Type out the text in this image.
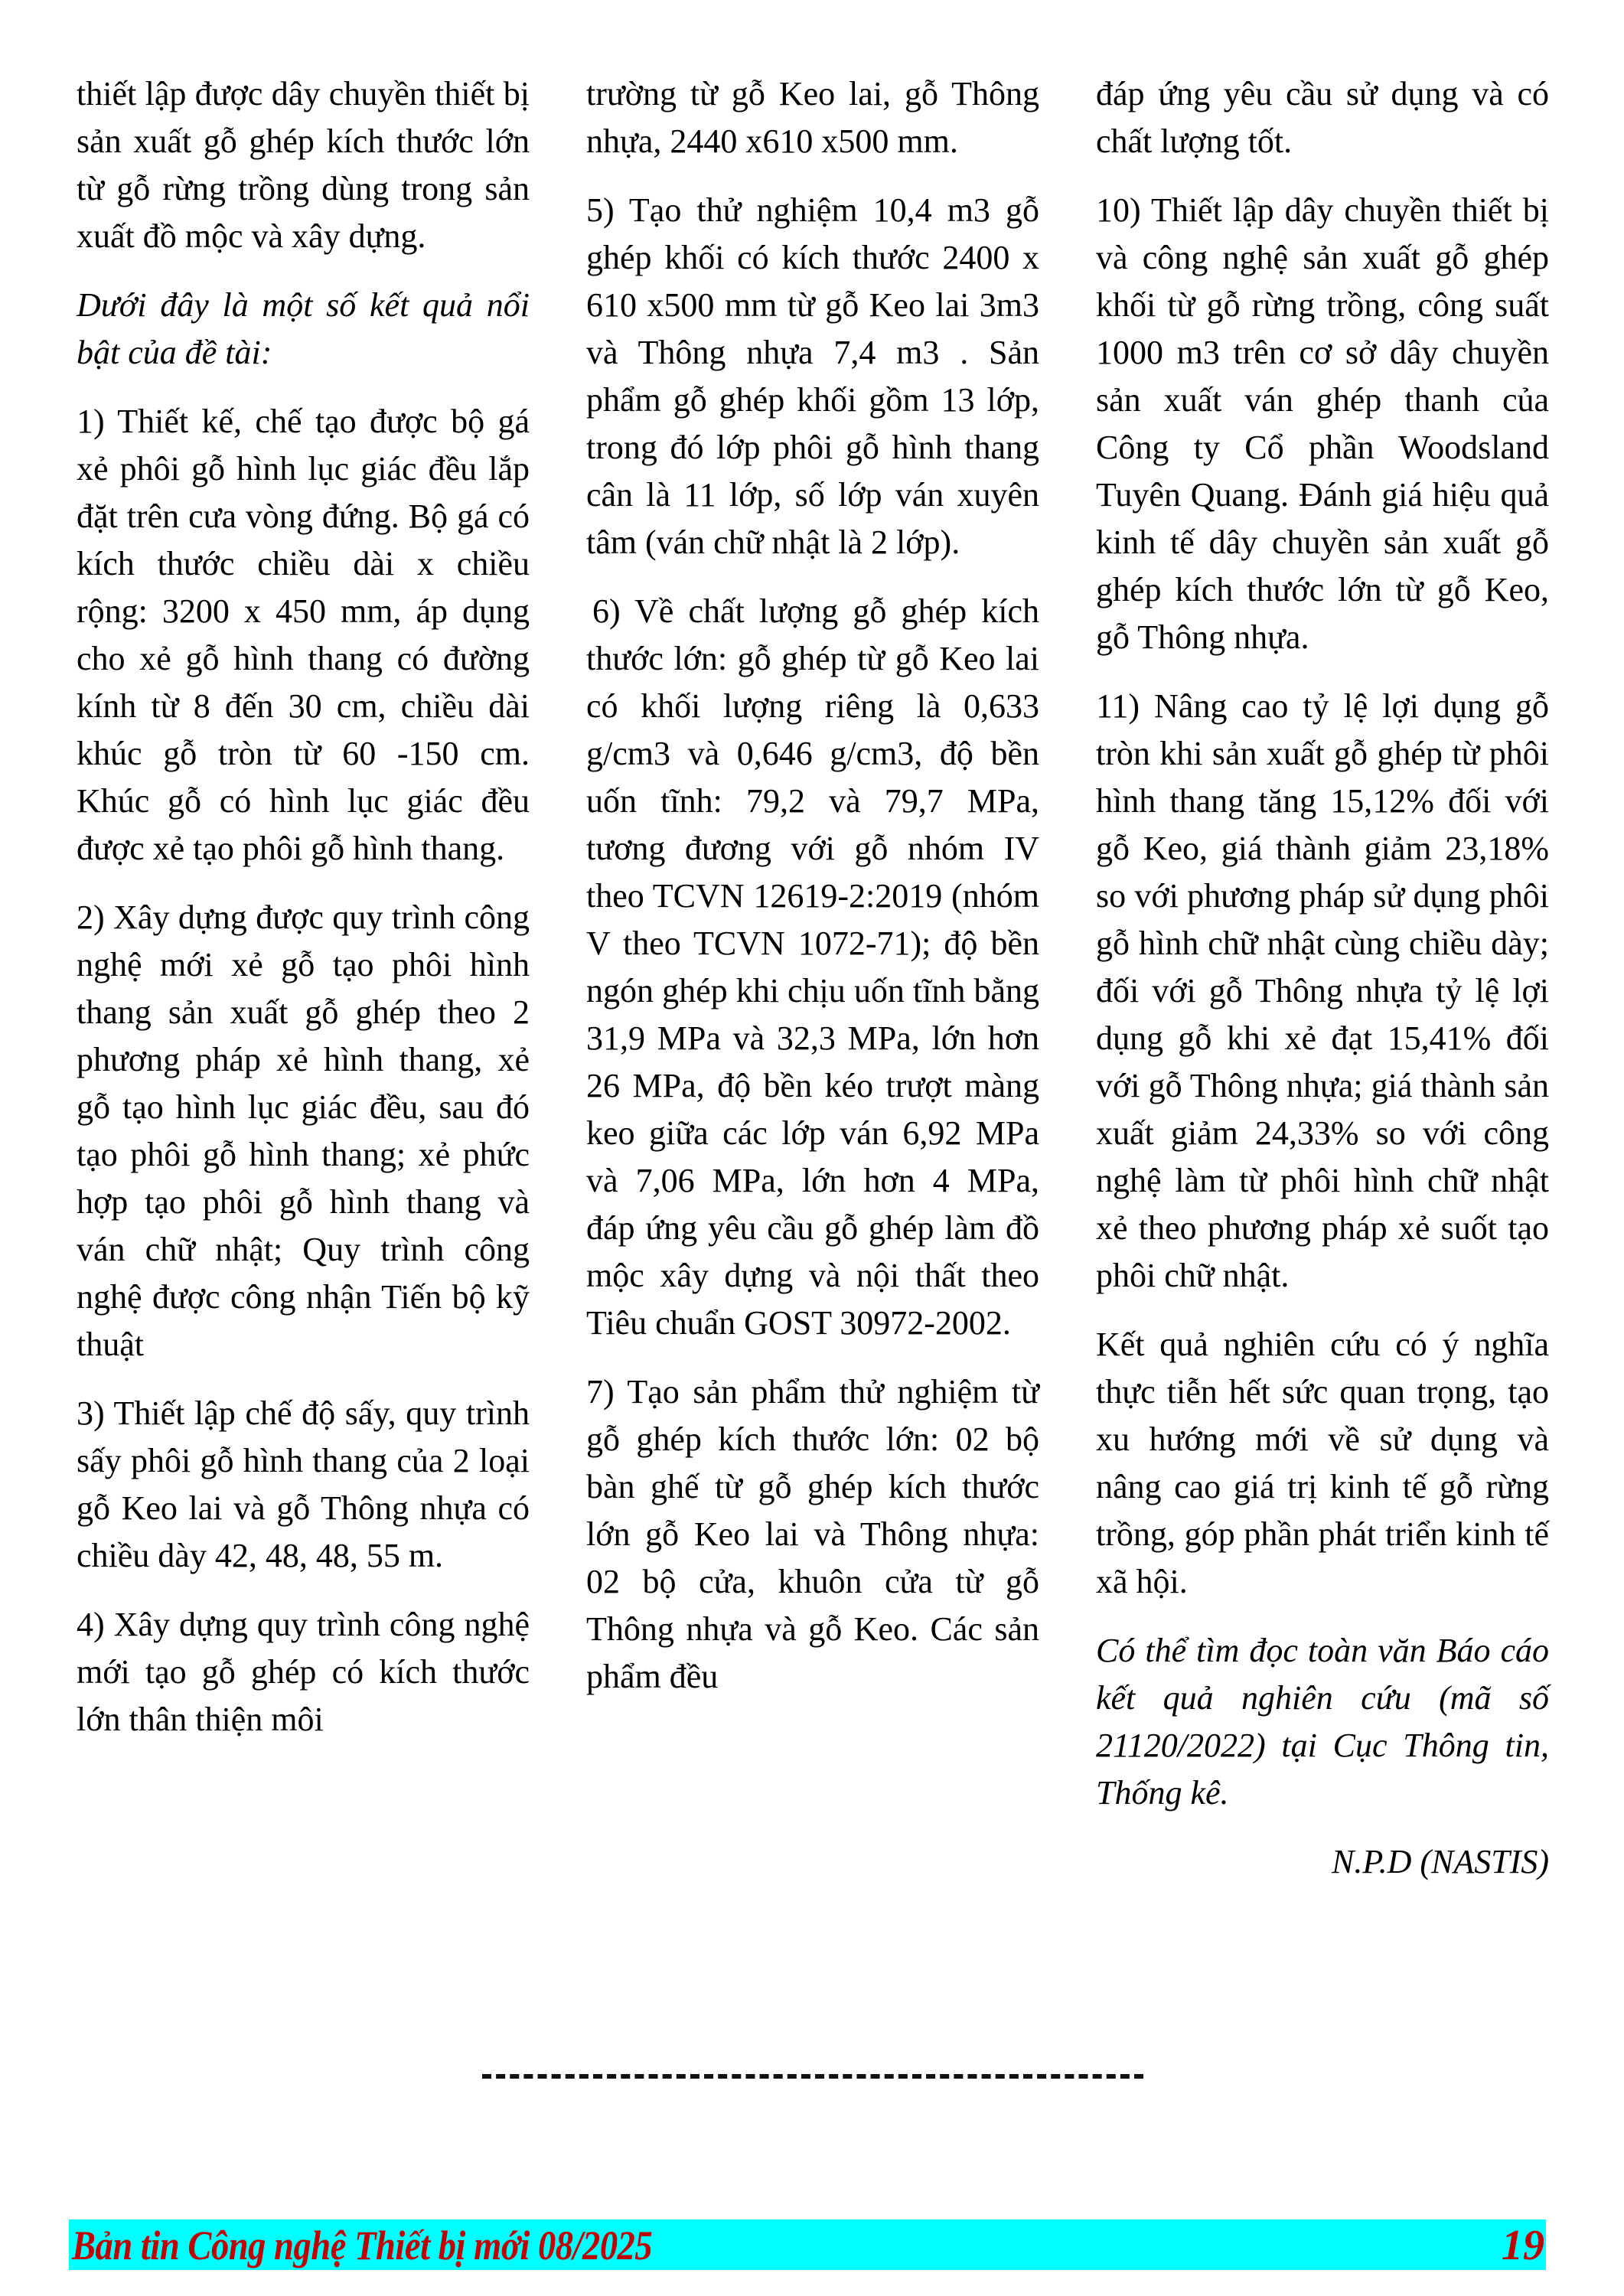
thiết lập được dây chuyền thiết bị sản xuất gỗ ghép kích thước lớn từ gỗ rừng trồng dùng trong sản xuất đồ mộc và xây dựng.

Dưới đây là một số kết quả nổi bật của đề tài:

1) Thiết kế, chế tạo được bộ gá xẻ phôi gỗ hình lục giác đều lắp đặt trên cưa vòng đứng. Bộ gá có kích thước chiều dài x chiều rộng: 3200 x 450 mm, áp dụng cho xẻ gỗ hình thang có đường kính từ 8 đến 30 cm, chiều dài khúc gỗ tròn từ 60 -150 cm. Khúc gỗ có hình lục giác đều được xẻ tạo phôi gỗ hình thang.

2) Xây dựng được quy trình công nghệ mới xẻ gỗ tạo phôi hình thang sản xuất gỗ ghép theo 2 phương pháp xẻ hình thang, xẻ gỗ tạo hình lục giác đều, sau đó tạo phôi gỗ hình thang; xẻ phức hợp tạo phôi gỗ hình thang và ván chữ nhật; Quy trình công nghệ được công nhận Tiến bộ kỹ thuật

3) Thiết lập chế độ sấy, quy trình sấy phôi gỗ hình thang của 2 loại gỗ Keo lai và gỗ Thông nhựa có chiều dày 42, 48, 48, 55 m.

4) Xây dựng quy trình công nghệ mới tạo gỗ ghép có kích thước lớn thân thiện môi

trường từ gỗ Keo lai, gỗ Thông nhựa, 2440 x610 x500 mm.

5) Tạo thử nghiệm 10,4 m3 gỗ ghép khối có kích thước 2400 x 610 x500 mm từ gỗ Keo lai 3m3 và Thông nhựa 7,4 m3 . Sản phẩm gỗ ghép khối gồm 13 lớp, trong đó lớp phôi gỗ hình thang cân là 11 lớp, số lớp ván xuyên tâm (ván chữ nhật là 2 lớp).

6) Về chất lượng gỗ ghép kích thước lớn: gỗ ghép từ gỗ Keo lai có khối lượng riêng là 0,633 g/cm3 và 0,646 g/cm3, độ bền uốn tĩnh: 79,2 và 79,7 MPa, tương đương với gỗ nhóm IV theo TCVN 12619-2:2019 (nhóm V theo TCVN 1072-71); độ bền ngón ghép khi chịu uốn tĩnh bằng 31,9 MPa và 32,3 MPa, lớn hơn 26 MPa, độ bền kéo trượt màng keo giữa các lớp ván 6,92 MPa và 7,06 MPa, lớn hơn 4 MPa, đáp ứng yêu cầu gỗ ghép làm đồ mộc xây dựng và nội thất theo Tiêu chuẩn GOST 30972-2002.

7) Tạo sản phẩm thử nghiệm từ gỗ ghép kích thước lớn: 02 bộ bàn ghế từ gỗ ghép kích thước lớn gỗ Keo lai và Thông nhựa: 02 bộ cửa, khuôn cửa từ gỗ Thông nhựa và gỗ Keo. Các sản phẩm đều

đáp ứng yêu cầu sử dụng và có chất lượng tốt.

10) Thiết lập dây chuyền thiết bị và công nghệ sản xuất gỗ ghép khối từ gỗ rừng trồng, công suất 1000 m3 trên cơ sở dây chuyền sản xuất ván ghép thanh của Công ty Cổ phần Woodsland Tuyên Quang. Đánh giá hiệu quả kinh tế dây chuyền sản xuất gỗ ghép kích thước lớn từ gỗ Keo, gỗ Thông nhựa.

11) Nâng cao tỷ lệ lợi dụng gỗ tròn khi sản xuất gỗ ghép từ phôi hình thang tăng 15,12% đối với gỗ Keo, giá thành giảm 23,18% so với phương pháp sử dụng phôi gỗ hình chữ nhật cùng chiều dày; đối với gỗ Thông nhựa tỷ lệ lợi dụng gỗ khi xẻ đạt 15,41% đối với gỗ Thông nhựa; giá thành sản xuất giảm 24,33% so với công nghệ làm từ phôi hình chữ nhật xẻ theo phương pháp xẻ suốt tạo phôi chữ nhật.

Kết quả nghiên cứu có ý nghĩa thực tiễn hết sức quan trọng, tạo xu hướng mới về sử dụng và nâng cao giá trị kinh tế gỗ rừng trồng, góp phần phát triển kinh tế xã hội.

Có thể tìm đọc toàn văn Báo cáo kết quả nghiên cứu (mã số 21120/2022) tại Cục Thông tin, Thống kê.

N.P.D (NASTIS)

Bản tin Công nghệ Thiết bị mới 08/2025	19
